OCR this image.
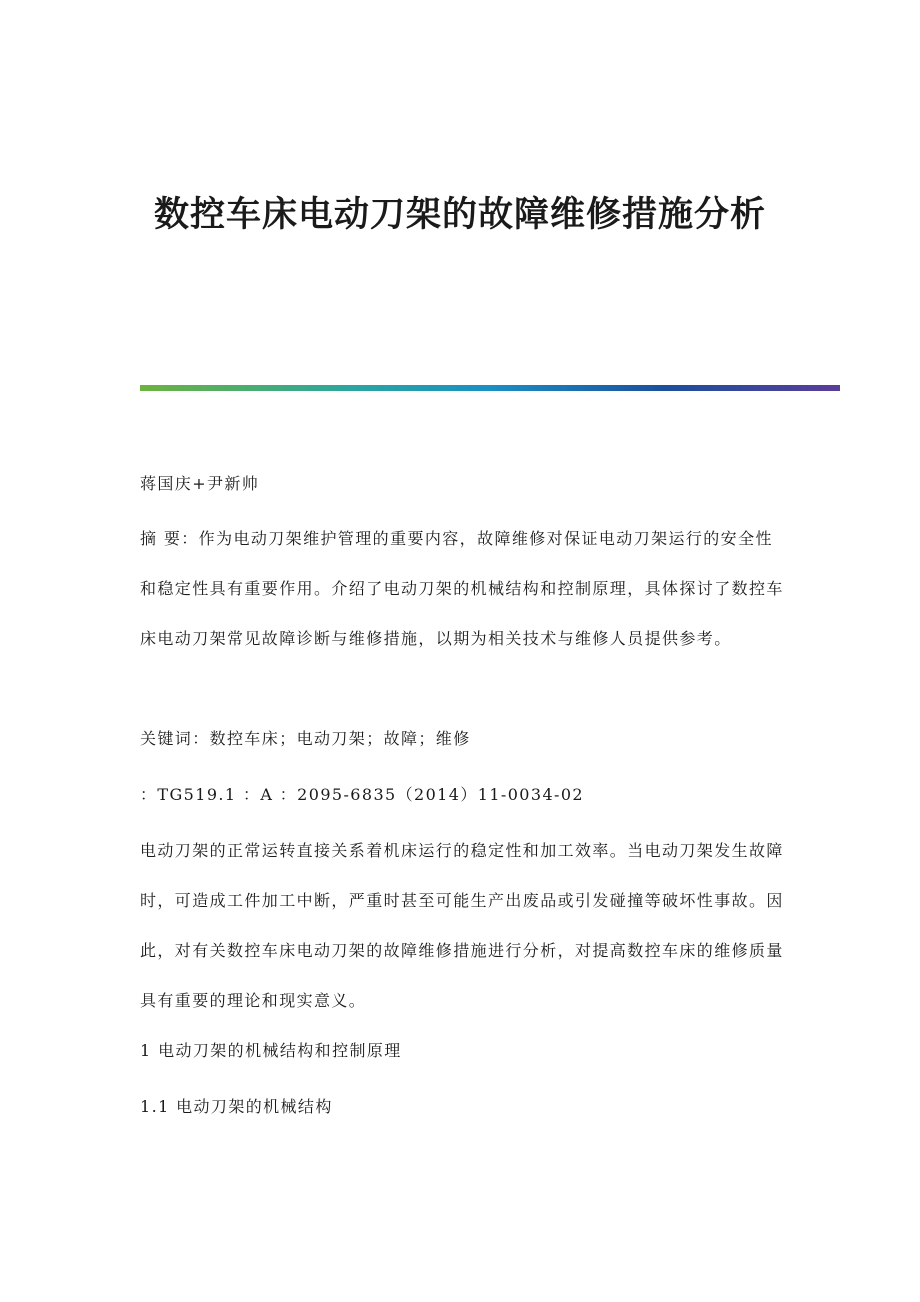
数控车床电动刀架的故障维修措施分析

蒋国庆+尹新帅

摘 要：作为电动刀架维护管理的重要内容，故障维修对保证电动刀架运行的安全性和稳定性具有重要作用。介绍了电动刀架的机械结构和控制原理，具体探讨了数控车床电动刀架常见故障诊断与维修措施，以期为相关技术与维修人员提供参考。

关键词：数控车床；电动刀架；故障；维修

：TG519.1 ：A ：2095-6835（2014）11-0034-02

电动刀架的正常运转直接关系着机床运行的稳定性和加工效率。当电动刀架发生故障时，可造成工件加工中断，严重时甚至可能生产出废品或引发碰撞等破坏性事故。因此，对有关数控车床电动刀架的故障维修措施进行分析，对提高数控车床的维修质量具有重要的理论和现实意义。

1 电动刀架的机械结构和控制原理

1.1 电动刀架的机械结构
